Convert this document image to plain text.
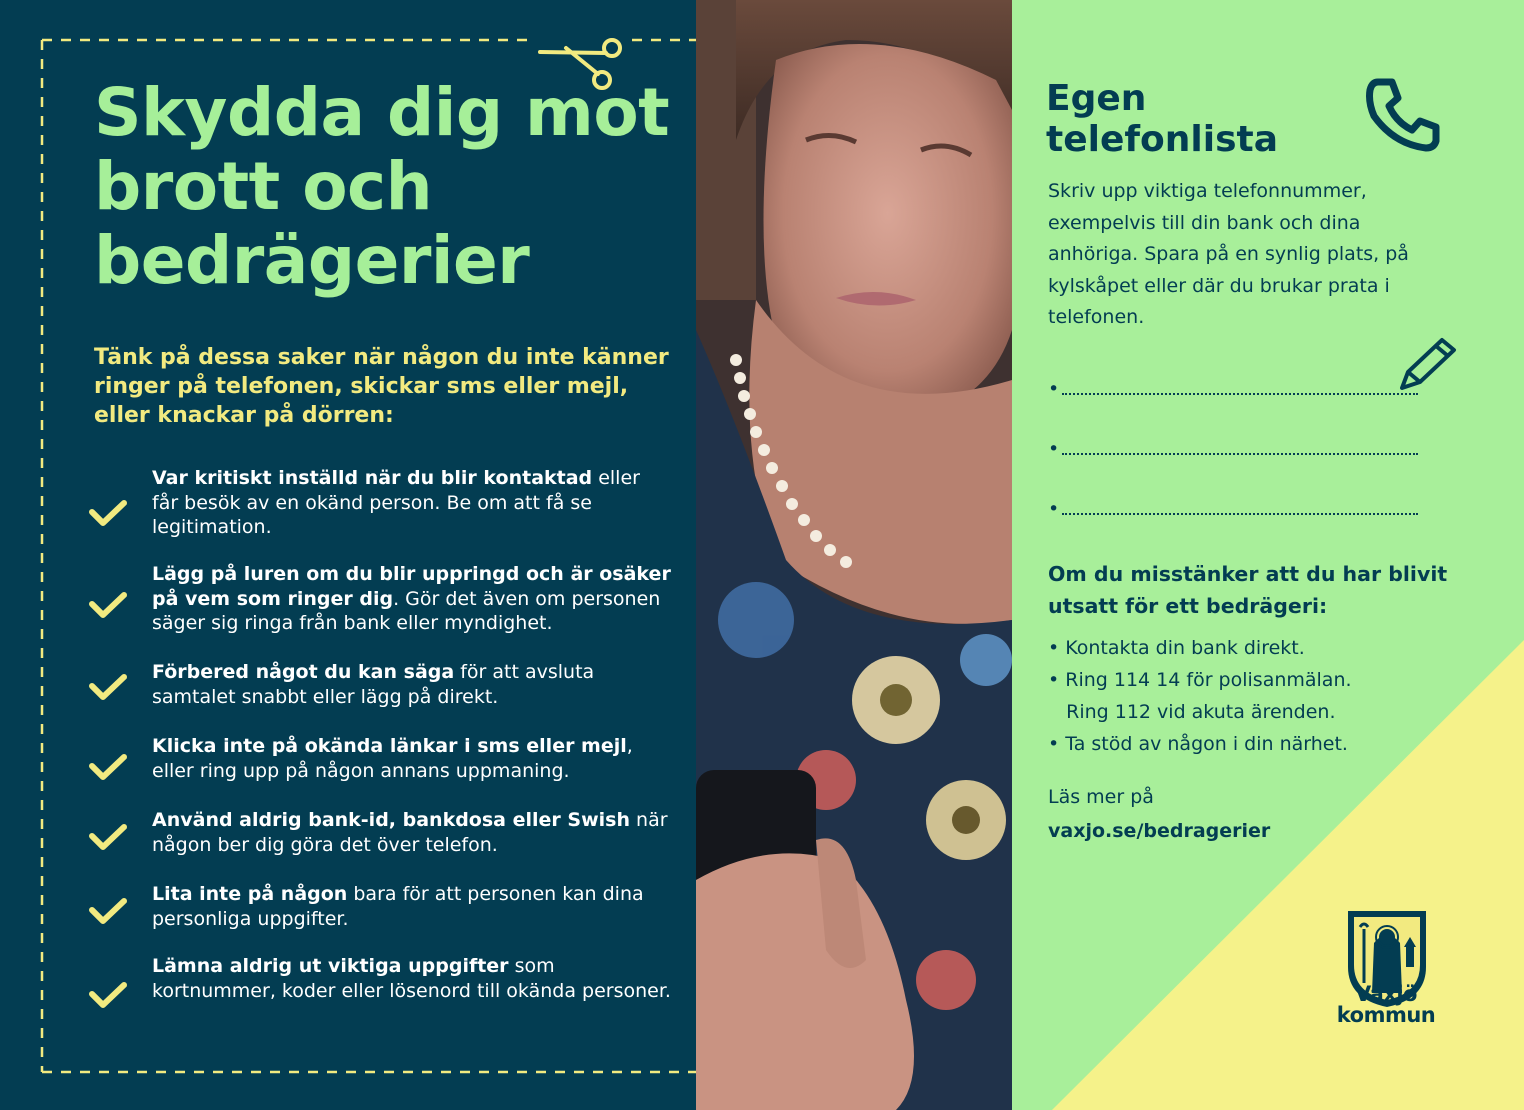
Skydda dig mot brott och bedrägerier

Tänk på dessa saker när någon du inte känner ringer på telefonen, skickar sms eller mejl, eller knackar på dörren:

Var kritiskt inställd när du blir kontaktad eller får besök av en okänd person. Be om att få se legitimation.
Lägg på luren om du blir uppringd och är osäker på vem som ringer dig. Gör det även om personen säger sig ringa från bank eller myndighet.
Förbered något du kan säga för att avsluta samtalet snabbt eller lägg på direkt.
Klicka inte på okända länkar i sms eller mejl, eller ring upp på någon annans uppmaning.
Använd aldrig bank-id, bankdosa eller Swish när någon ber dig göra det över telefon.
Lita inte på någon bara för att personen kan dina personliga uppgifter.
Lämna aldrig ut viktiga uppgifter som kortnummer, koder eller lösenord till okända personer.
Egen telefonlista

Skriv upp viktiga telefonnummer, exempelvis till din bank och dina anhöriga. Spara på en synlig plats, på kylskåpet eller där du brukar prata i telefonen.

•
•
•
Om du misstänker att du har blivit utsatt för ett bedrägeri:
• Kontakta din bank direkt.
• Ring 114 14 för polisanmälan.
Ring 112 vid akuta ärenden.
• Ta stöd av någon i din närhet.
Läs mer på
vaxjo.se/bedragerier
Växjö
kommun
